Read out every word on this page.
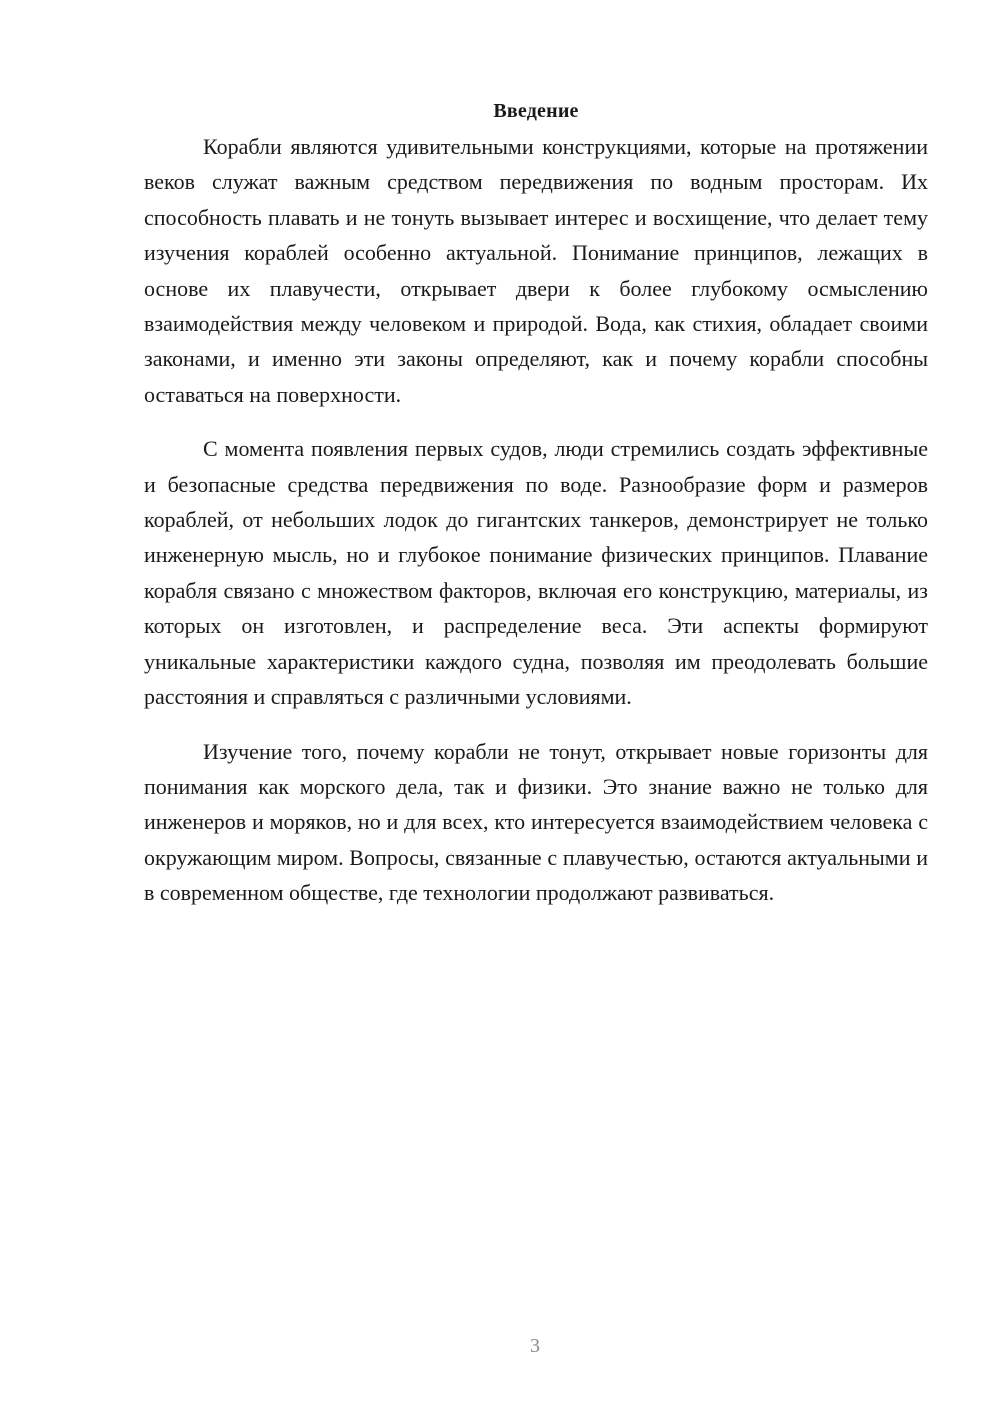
Введение

Корабли являются удивительными конструкциями, которые на протяжении веков служат важным средством передвижения по водным просторам. Их способность плавать и не тонуть вызывает интерес и восхищение, что делает тему изучения кораблей особенно актуальной. Понимание принципов, лежащих в основе их плавучести, открывает двери к более глубокому осмыслению взаимодействия между человеком и природой. Вода, как стихия, обладает своими законами, и именно эти законы определяют, как и почему корабли способны оставаться на поверхности.

С момента появления первых судов, люди стремились создать эффективные и безопасные средства передвижения по воде. Разнообразие форм и размеров кораблей, от небольших лодок до гигантских танкеров, демонстрирует не только инженерную мысль, но и глубокое понимание физических принципов. Плавание корабля связано с множеством факторов, включая его конструкцию, материалы, из которых он изготовлен, и распределение веса. Эти аспекты формируют уникальные характеристики каждого судна, позволяя им преодолевать большие расстояния и справляться с различными условиями.

Изучение того, почему корабли не тонут, открывает новые горизонты для понимания как морского дела, так и физики. Это знание важно не только для инженеров и моряков, но и для всех, кто интересуется взаимодействием человека с окружающим миром. Вопросы, связанные с плавучестью, остаются актуальными и в современном обществе, где технологии продолжают развиваться.

3
